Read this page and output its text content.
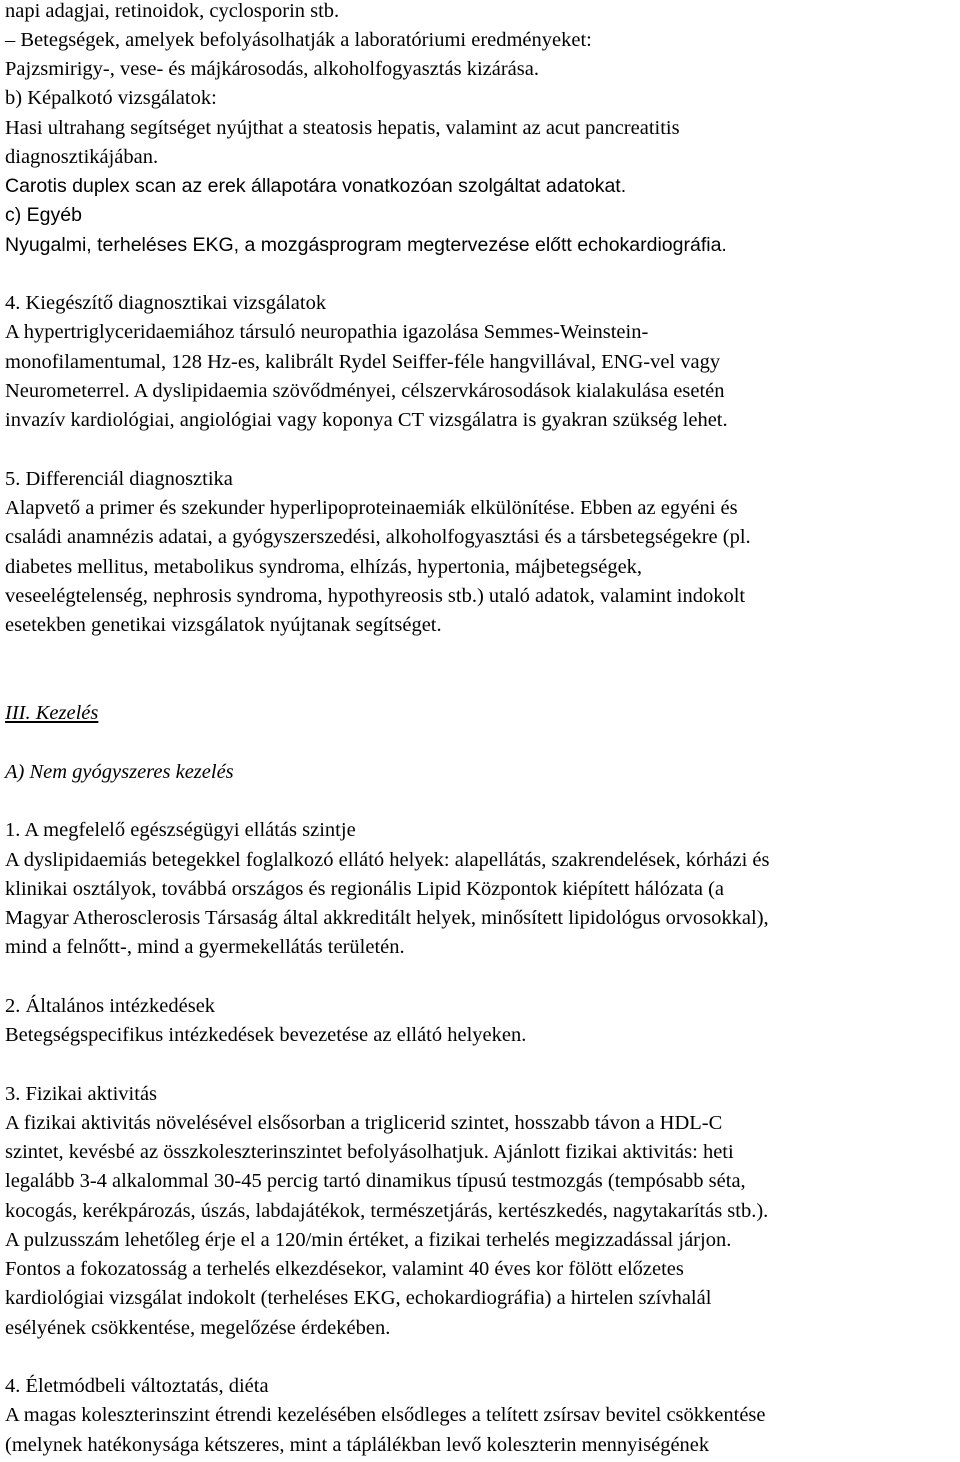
napi adagjai, retinoidok, cyclosporin stb.
– Betegségek, amelyek befolyásolhatják a laboratóriumi eredményeket:
Pajzsmirigy-, vese- és májkárosodás, alkoholfogyasztás kizárása.
b) Képalkotó vizsgálatok:
Hasi ultrahang segítséget nyújthat a steatosis hepatis, valamint az acut pancreatitis
diagnosztikájában.
Carotis duplex scan az erek állapotára vonatkozóan szolgáltat adatokat.
c) Egyéb
Nyugalmi, terheléses EKG, a mozgásprogram megtervezése előtt echokardiográfia.
4. Kiegészítő diagnosztikai vizsgálatok
A hypertriglyceridaemiához társuló neuropathia igazolása Semmes-Weinstein-
monofilamentumal, 128 Hz-es, kalibrált Rydel Seiffer-féle hangvillával, ENG-vel vagy
Neurometerrel. A dyslipidaemia szövődményei, célszervkárosodások kialakulása esetén
invazív kardiológiai, angiológiai vagy koponya CT vizsgálatra is gyakran szükség lehet.
5. Differenciál diagnosztika
Alapvető a primer és szekunder hyperlipoproteinaemiák elkülönítése. Ebben az egyéni és
családi anamnézis adatai, a gyógyszerszedési, alkoholfogyasztási és a társbetegségekre (pl.
diabetes mellitus, metabolikus syndroma, elhízás, hypertonia, májbetegségek,
veseelégtelenség, nephrosis syndroma, hypothyreosis stb.) utaló adatok, valamint indokolt
esetekben genetikai vizsgálatok nyújtanak segítséget.
III. Kezelés
A) Nem gyógyszeres kezelés
1. A megfelelő egészségügyi ellátás szintje
A dyslipidaemiás betegekkel foglalkozó ellátó helyek: alapellátás, szakrendelések, kórházi és
klinikai osztályok, továbbá országos és regionális Lipid Központok kiépített hálózata (a
Magyar Atherosclerosis Társaság által akkreditált helyek, minősített lipidológus orvosokkal),
mind a felnőtt-, mind a gyermekellátás területén.
2. Általános intézkedések
Betegségspecifikus intézkedések bevezetése az ellátó helyeken.
3. Fizikai aktivitás
A fizikai aktivitás növelésével elsősorban a triglicerid szintet, hosszabb távon a HDL-C
szintet, kevésbé az összkoleszterinszintet befolyásolhatjuk. Ajánlott fizikai aktivitás: heti
legalább 3-4 alkalommal 30-45 percig tartó dinamikus típusú testmozgás (tempósabb séta,
kocogás, kerékpározás, úszás, labdajátékok, természetjárás, kertészkedés, nagytakarítás stb.).
A pulzusszám lehetőleg érje el a 120/min értéket, a fizikai terhelés megizzadással járjon.
Fontos a fokozatosság a terhelés elkezdésekor, valamint 40 éves kor fölött előzetes
kardiológiai vizsgálat indokolt (terheléses EKG, echokardiográfia) a hirtelen szívhalál
esélyének csökkentése, megelőzése érdekében.
4. Életmódbeli változtatás, diéta
A magas koleszterinszint étrendi kezelésében elsődleges a telített zsírsav bevitel csökkentése
(melynek hatékonysága kétszeres, mint a táplálékban levő koleszterin mennyiségének
